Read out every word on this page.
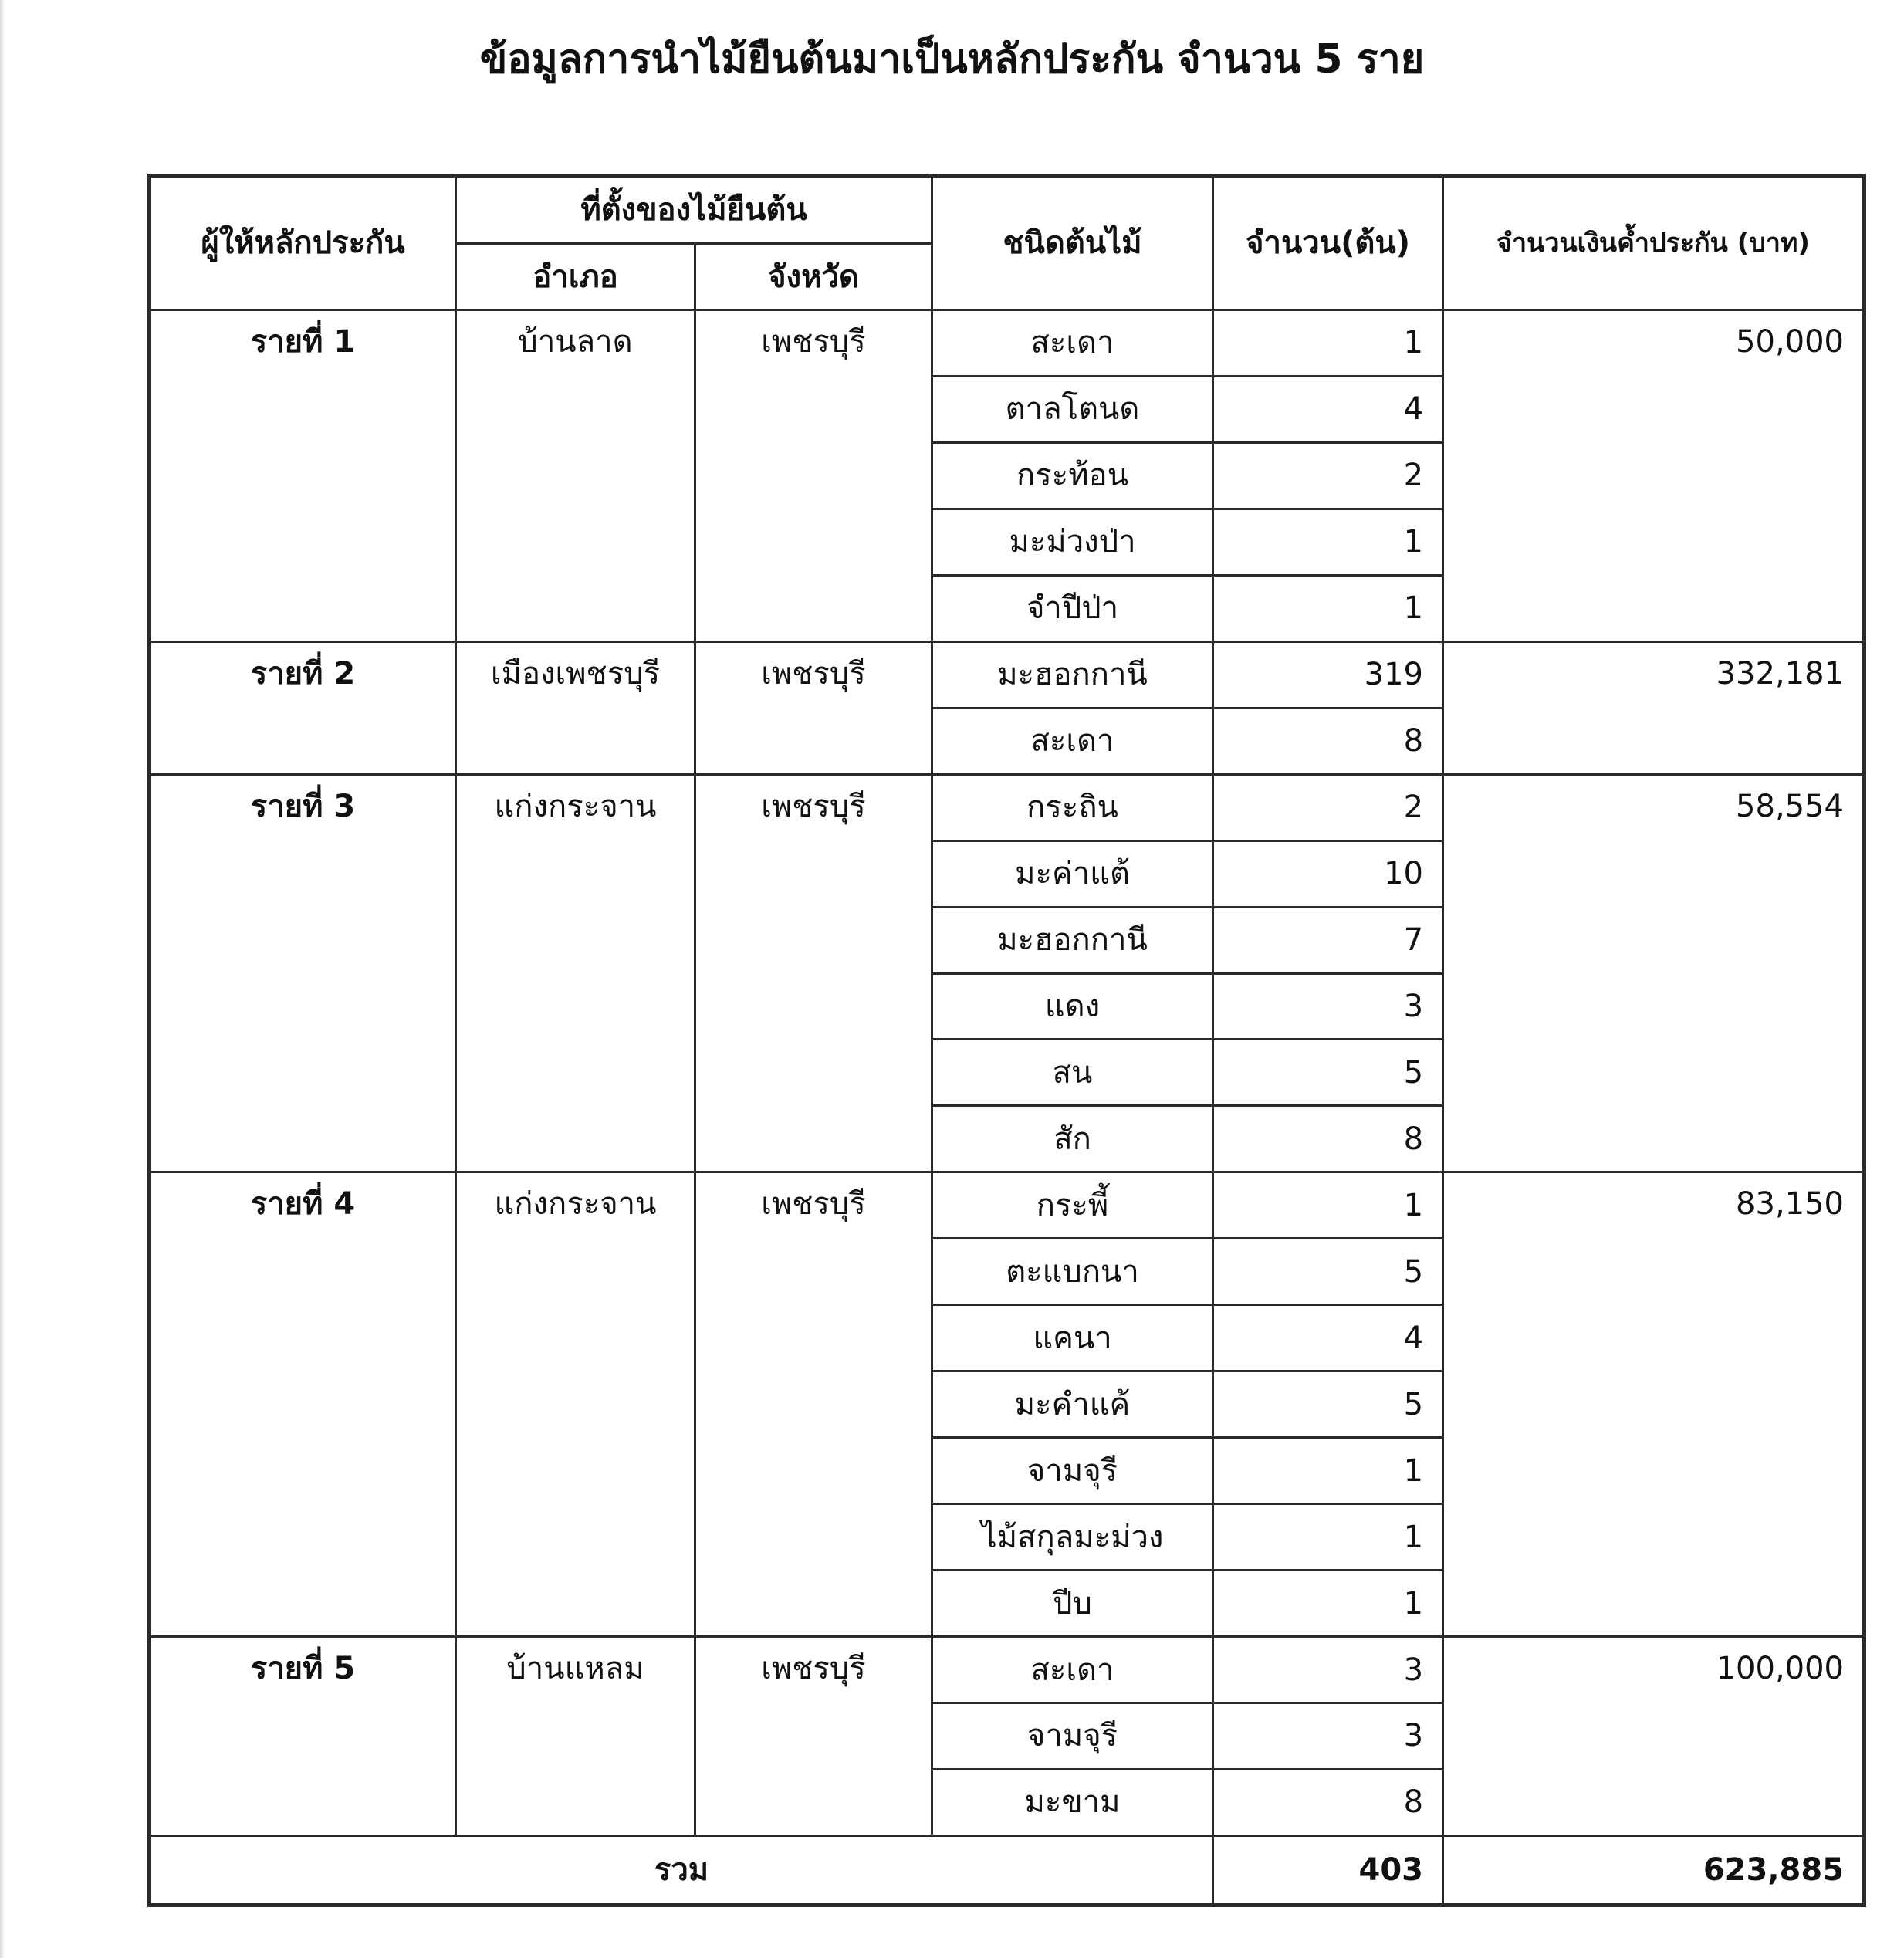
ข้อมูลการนำไม้ยืนต้นมาเป็นหลักประกัน จำนวน 5 ราย
ผู้ให้หลักประกัน	ที่ตั้งของไม้ยืนต้น		ชนิดต้นไม้	จำนวน(ต้น)	จำนวนเงินค้ำประกัน (บาท)
	อำเภอ	จังหวัด			
รายที่ 1	บ้านลาด	เพชรบุรี	สะเดา	1	50,000
			ตาลโตนด	4	
			กระท้อน	2	
			มะม่วงป่า	1	
			จำปีป่า	1	
รายที่ 2	เมืองเพชรบุรี	เพชรบุรี	มะฮอกกานี	319	332,181
			สะเดา	8	
รายที่ 3	แก่งกระจาน	เพชรบุรี	กระถิน	2	58,554
			มะค่าแต้	10	
			มะฮอกกานี	7	
			แดง	3	
			สน	5	
			สัก	8	
รายที่ 4	แก่งกระจาน	เพชรบุรี	กระพี้	1	83,150
			ตะแบกนา	5	
			แคนา	4	
			มะคำแค้	5	
			จามจุรี	1	
			ไม้สกุลมะม่วง	1	
			ปีบ	1	
รายที่ 5	บ้านแหลม	เพชรบุรี	สะเดา	3	100,000
			จามจุรี	3	
			มะขาม	8	
รวม				403	623,885
